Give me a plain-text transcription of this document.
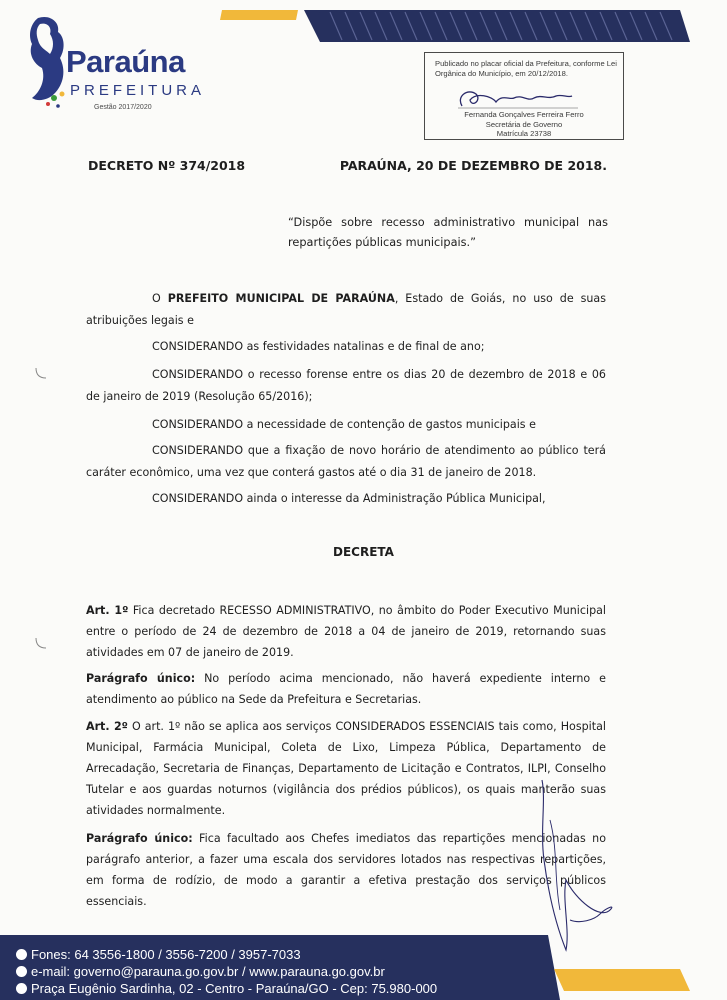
Paraúna
PREFEITURA
Gestão 2017/2020
Publicado no placar oficial da Prefeitura, conforme Lei Orgânica do Município, em 20/12/2018.
Fernanda Gonçalves Ferreira Ferro
Secretária de Governo
Matrícula 23738
DECRETO Nº 374/2018	PARAÚNA, 20 DE DEZEMBRO DE 2018.
“Dispõe sobre recesso administrativo municipal nas repartições públicas municipais.”
O PREFEITO MUNICIPAL DE PARAÚNA, Estado de Goiás, no uso de suas atribuições legais e
CONSIDERANDO as festividades natalinas e de final de ano;
CONSIDERANDO o recesso forense entre os dias 20 de dezembro de 2018 e 06 de janeiro de 2019 (Resolução 65/2016);
CONSIDERANDO a necessidade de contenção de gastos municipais e
CONSIDERANDO que a fixação de novo horário de atendimento ao público terá caráter econômico, uma vez que conterá gastos até o dia 31 de janeiro de 2018.
CONSIDERANDO ainda o interesse da Administração Pública Municipal,
DECRETA
Art. 1º Fica decretado RECESSO ADMINISTRATIVO, no âmbito do Poder Executivo Municipal entre o período de 24 de dezembro de 2018 a 04 de janeiro de 2019, retornando suas atividades em 07 de janeiro de 2019.
Parágrafo único: No período acima mencionado, não haverá expediente interno e atendimento ao público na Sede da Prefeitura e Secretarias.
Art. 2º O art. 1º não se aplica aos serviços CONSIDERADOS ESSENCIAIS tais como, Hospital Municipal, Farmácia Municipal, Coleta de Lixo, Limpeza Pública, Departamento de Arrecadação, Secretaria de Finanças, Departamento de Licitação e Contratos, ILPI, Conselho Tutelar e aos guardas noturnos (vigilância dos prédios públicos), os quais manterão suas atividades normalmente.
Parágrafo único: Fica facultado aos Chefes imediatos das repartições mencionadas no parágrafo anterior, a fazer uma escala dos servidores lotados nas respectivas repartições, em forma de rodízio, de modo a garantir a efetiva prestação dos serviços públicos essenciais.
Fones: 64 3556-1800 / 3556-7200 / 3957-7033
e-mail: governo@parauna.go.gov.br / www.parauna.go.gov.br
Praça Eugênio Sardinha, 02 - Centro - Paraúna/GO - Cep: 75.980-000
